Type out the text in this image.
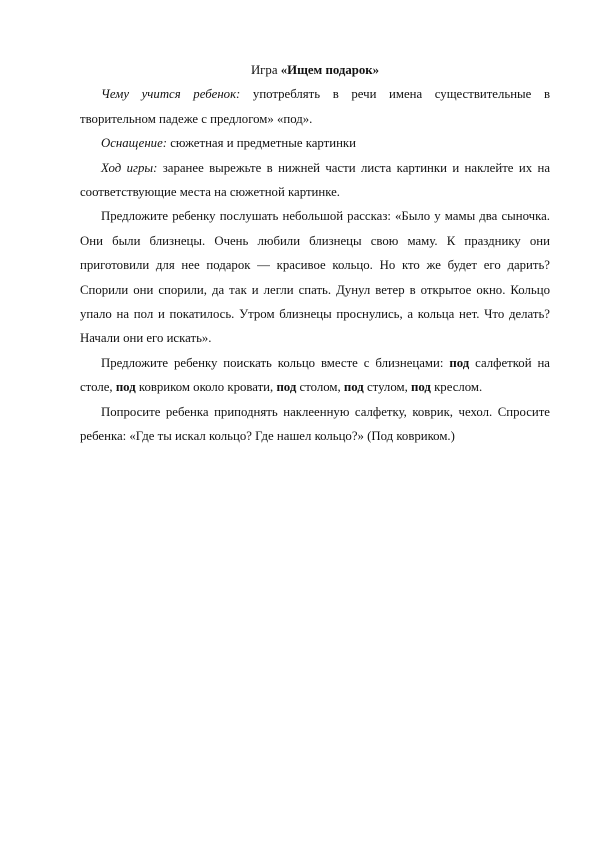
Игра «Ищем подарок»

Чему учится ребенок: употреблять в речи имена существительные в творительном падеже с предлогом» «под».

Оснащение: сюжетная и предметные картинки

Ход игры: заранее вырежьте в нижней части листа картинки и наклейте их на соответствующие места на сюжетной картинке.

Предложите ребенку послушать небольшой рассказ: «Было у мамы два сыночка. Они были близнецы. Очень любили близнецы свою маму. К празднику они приготовили для нее подарок — красивое кольцо. Но кто же будет его дарить? Спорили они спорили, да так и легли спать. Дунул ветер в открытое окно. Кольцо упало на пол и покатилось. Утром близнецы проснулись, а кольца нет. Что делать? Начали они его искать».

Предложите ребенку поискать кольцо вместе с близнецами: под салфеткой на столе, под ковриком около кровати, под столом, под стулом, под креслом.

Попросите ребенка приподнять наклеенную салфетку, коврик, чехол. Спросите ребенка: «Где ты искал кольцо? Где нашел кольцо?» (Под ковриком.)
